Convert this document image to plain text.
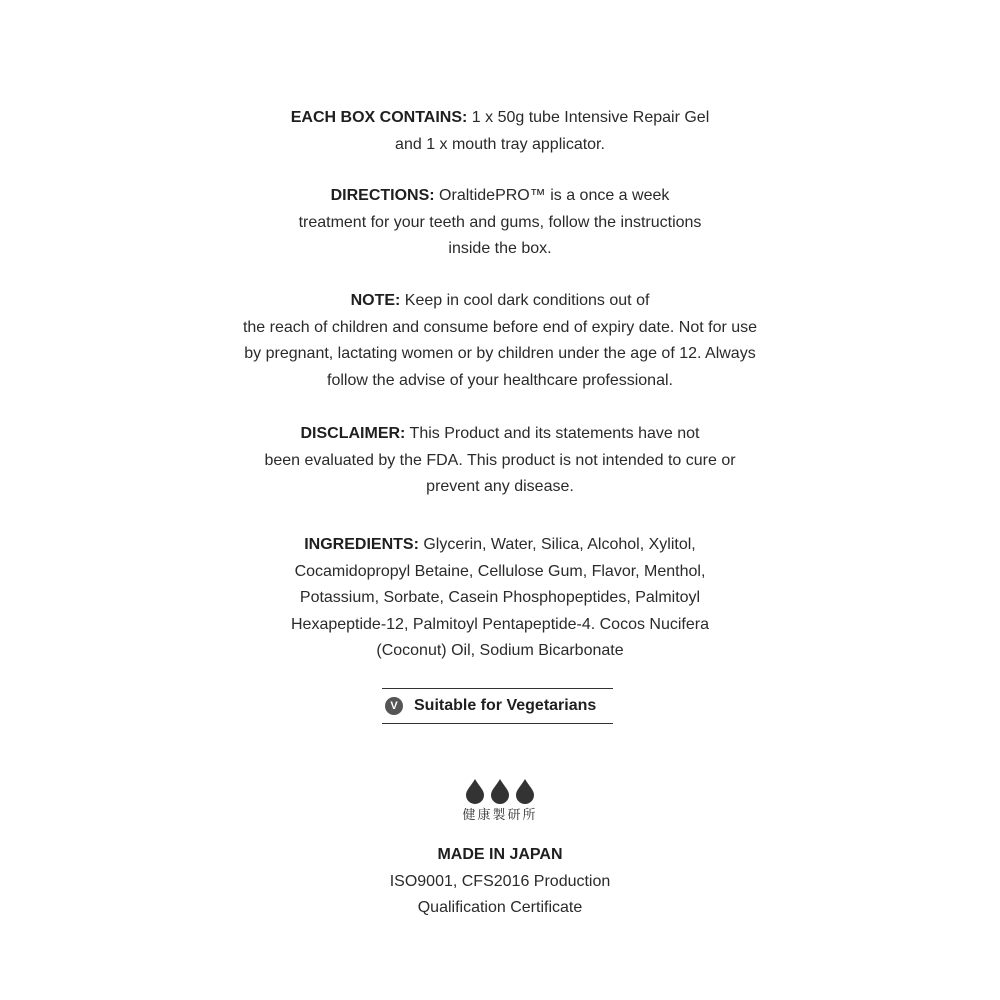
EACH BOX CONTAINS: 1 x 50g tube Intensive Repair Gel
and 1 x mouth tray applicator.
DIRECTIONS: OraltidePRO™ is a once a week
treatment for your teeth and gums, follow the instructions
inside the box.
NOTE: Keep in cool dark conditions out of
the reach of children and consume before end of expiry date. Not for use
by pregnant, lactating women or by children under the age of 12. Always
follow the advise of your healthcare professional.
DISCLAIMER: This Product and its statements have not
been evaluated by the FDA. This product is not intended to cure or
prevent any disease.
INGREDIENTS: Glycerin, Water, Silica, Alcohol, Xylitol,
Cocamidopropyl Betaine, Cellulose Gum, Flavor, Menthol,
Potassium, Sorbate, Casein Phosphopeptides, Palmitoyl
Hexapeptide-12, Palmitoyl Pentapeptide-4. Cocos Nucifera
(Coconut) Oil, Sodium Bicarbonate
V	Suitable for Vegetarians
健康製研所
MADE IN JAPAN
ISO9001, CFS2016 Production
Qualification Certificate
